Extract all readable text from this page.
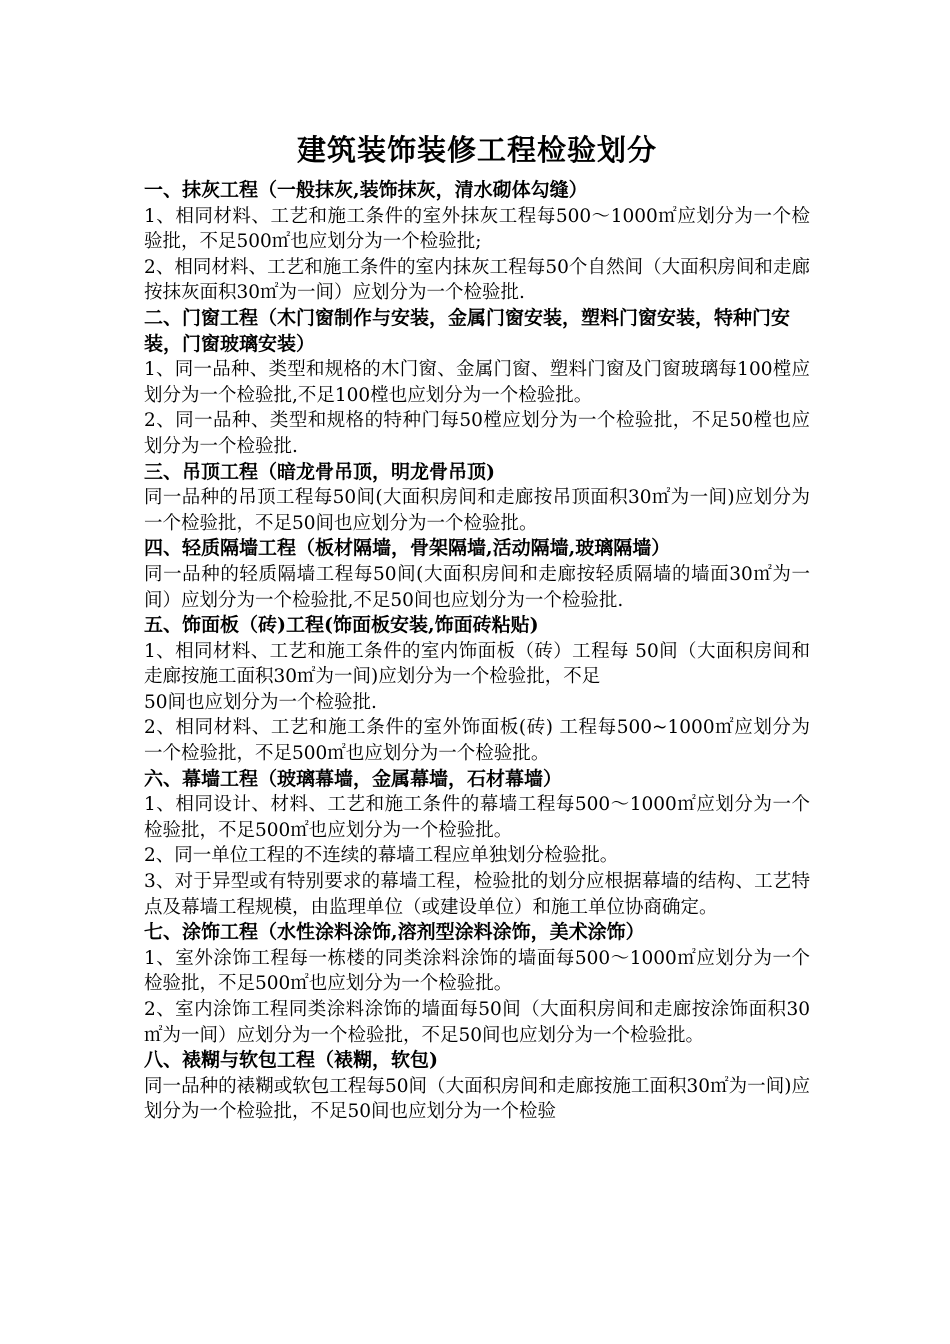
建筑装饰装修工程检验划分

一、抹灰工程（一般抹灰,装饰抹灰，清水砌体勾缝）

1、相同材料、工艺和施工条件的室外抹灰工程每500～1000㎡应划分为一个检验批，不足500㎡也应划分为一个检验批;

2、相同材料、工艺和施工条件的室内抹灰工程每50个自然间（大面积房间和走廊按抹灰面积30㎡为一间）应划分为一个检验批.

二、门窗工程（木门窗制作与安装，金属门窗安装，塑料门窗安装，特种门安装，门窗玻璃安装）

1、同一品种、类型和规格的木门窗、金属门窗、塑料门窗及门窗玻璃每100樘应划分为一个检验批,不足100樘也应划分为一个检验批。

2、同一品种、类型和规格的特种门每50樘应划分为一个检验批，不足50樘也应划分为一个检验批.

三、吊顶工程（暗龙骨吊顶，明龙骨吊顶)

同一品种的吊顶工程每50间(大面积房间和走廊按吊顶面积30㎡为一间)应划分为一个检验批，不足50间也应划分为一个检验批。

四、轻质隔墙工程（板材隔墙，骨架隔墙,活动隔墙,玻璃隔墙）

同一品种的轻质隔墙工程每50间(大面积房间和走廊按轻质隔墙的墙面30㎡为一间）应划分为一个检验批,不足50间也应划分为一个检验批.

五、饰面板（砖)工程(饰面板安装,饰面砖粘贴)

1、相同材料、工艺和施工条件的室内饰面板（砖）工程每 50间（大面积房间和走廊按施工面积30㎡为一间)应划分为一个检验批，不足

50间也应划分为一个检验批.

2、相同材料、工艺和施工条件的室外饰面板(砖) 工程每500~1000㎡应划分为一个检验批，不足500㎡也应划分为一个检验批。

六、幕墙工程（玻璃幕墙，金属幕墙，石材幕墙）

1、相同设计、材料、工艺和施工条件的幕墙工程每500～1000㎡应划分为一个检验批，不足500㎡也应划分为一个检验批。

2、同一单位工程的不连续的幕墙工程应单独划分检验批。

3、对于异型或有特别要求的幕墙工程，检验批的划分应根据幕墙的结构、工艺特点及幕墙工程规模，由监理单位（或建设单位）和施工单位协商确定。

七、涂饰工程（水性涂料涂饰,溶剂型涂料涂饰，美术涂饰）

1、室外涂饰工程每一栋楼的同类涂料涂饰的墙面每500～1000㎡应划分为一个检验批，不足500㎡也应划分为一个检验批。

2、室内涂饰工程同类涂料涂饰的墙面每50间（大面积房间和走廊按涂饰面积30㎡为一间）应划分为一个检验批，不足50间也应划分为一个检验批。

八、裱糊与软包工程（裱糊，软包)

同一品种的裱糊或软包工程每50间（大面积房间和走廊按施工面积30㎡为一间)应划分为一个检验批，不足50间也应划分为一个检验
